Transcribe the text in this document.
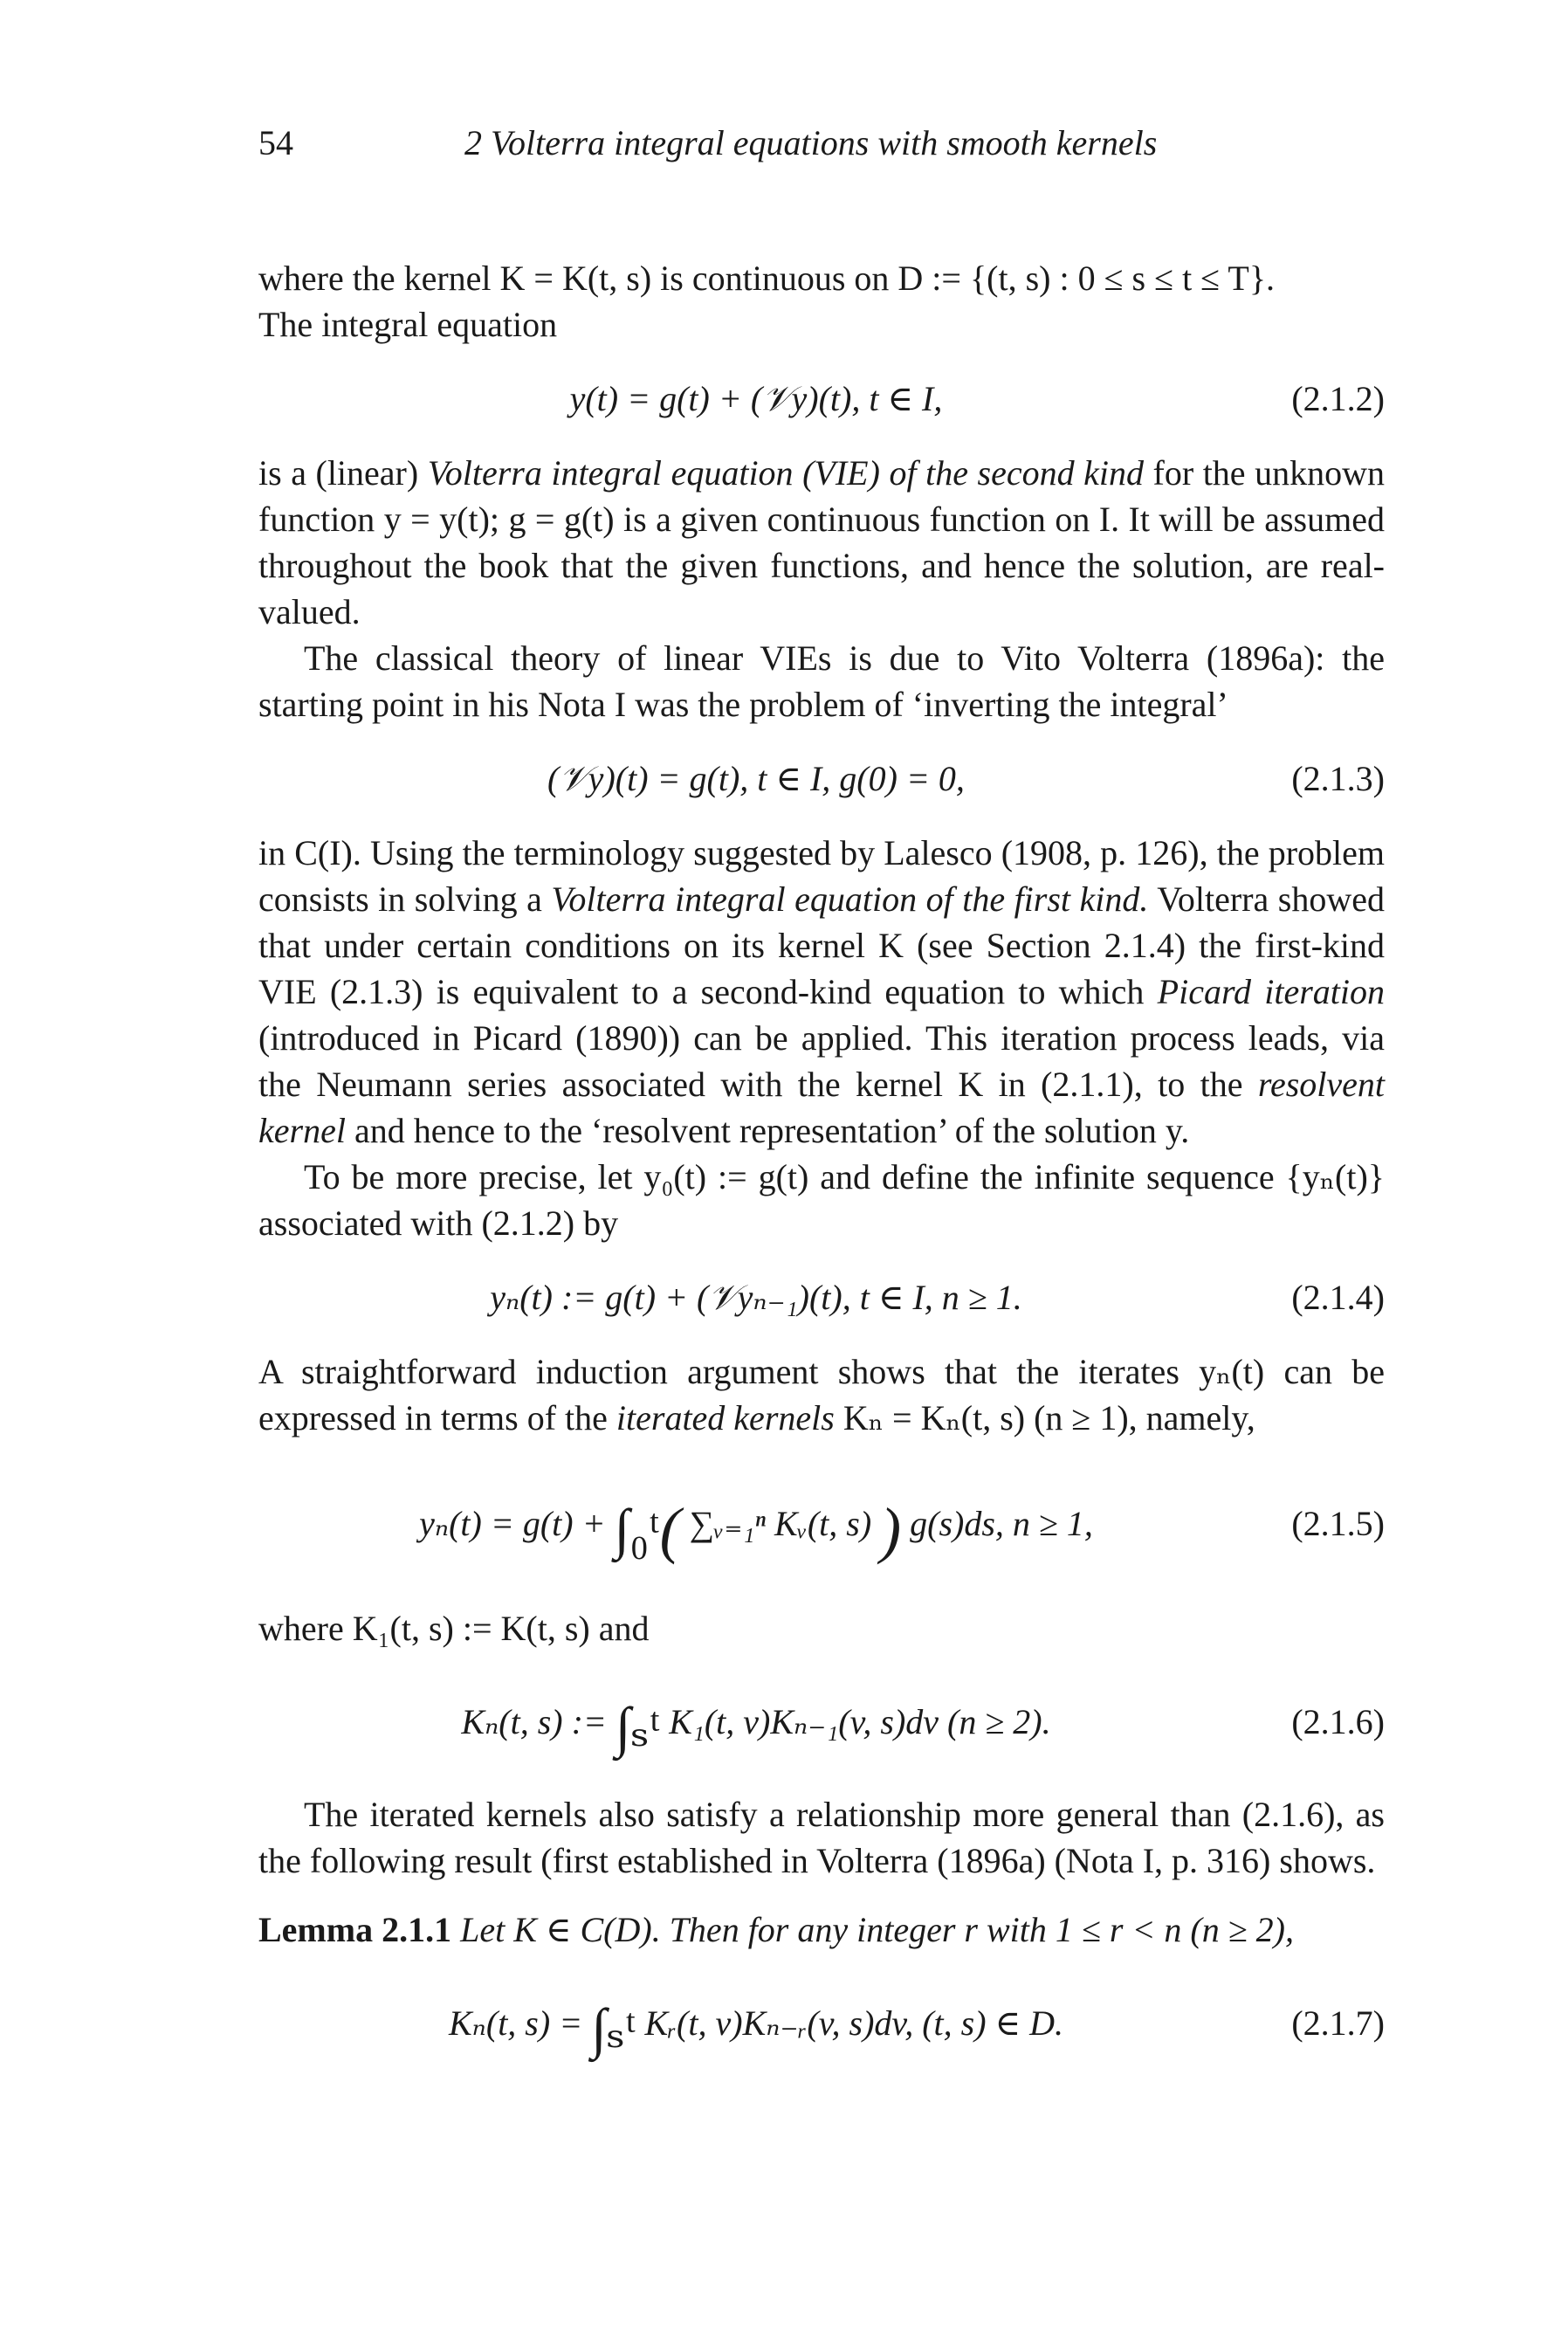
54	2 Volterra integral equations with smooth kernels

where the kernel K = K(t, s) is continuous on D := {(t, s) : 0 ≤ s ≤ t ≤ T}.
The integral equation

y(t) = g(t) + (𝒱y)(t), t ∈ I,	(2.1.2)

is a (linear) Volterra integral equation (VIE) of the second kind for the unknown function y = y(t); g = g(t) is a given continuous function on I. It will be assumed throughout the book that the given functions, and hence the solution, are real-valued.

The classical theory of linear VIEs is due to Vito Volterra (1896a): the starting point in his Nota I was the problem of ‘inverting the integral’

(𝒱y)(t) = g(t), t ∈ I, g(0) = 0,	(2.1.3)

in C(I). Using the terminology suggested by Lalesco (1908, p. 126), the problem consists in solving a Volterra integral equation of the first kind. Volterra showed that under certain conditions on its kernel K (see Section 2.1.4) the first-kind VIE (2.1.3) is equivalent to a second-kind equation to which Picard iteration (introduced in Picard (1890)) can be applied. This iteration process leads, via the Neumann series associated with the kernel K in (2.1.1), to the resolvent kernel and hence to the ‘resolvent representation’ of the solution y.

To be more precise, let y₀(t) := g(t) and define the infinite sequence {yₙ(t)} associated with (2.1.2) by

yₙ(t) := g(t) + (𝒱yₙ₋₁)(t), t ∈ I, n ≥ 1.	(2.1.4)

A straightforward induction argument shows that the iterates yₙ(t) can be expressed in terms of the iterated kernels Kₙ = Kₙ(t, s) (n ≥ 1), namely,

yₙ(t) = g(t) + ∫₀ᵗ( ∑ᵥ₌₁ⁿ Kᵥ(t, s) ) g(s)ds, n ≥ 1,	(2.1.5)

where K₁(t, s) := K(t, s) and

Kₙ(t, s) := ∫ₛᵗ K₁(t, v)Kₙ₋₁(v, s)dv (n ≥ 2).	(2.1.6)

The iterated kernels also satisfy a relationship more general than (2.1.6), as the following result (first established in Volterra (1896a) (Nota I, p. 316) shows.

Lemma 2.1.1 Let K ∈ C(D). Then for any integer r with 1 ≤ r < n (n ≥ 2),

Kₙ(t, s) = ∫ₛᵗ Kᵣ(t, v)Kₙ₋ᵣ(v, s)dv, (t, s) ∈ D.	(2.1.7)
